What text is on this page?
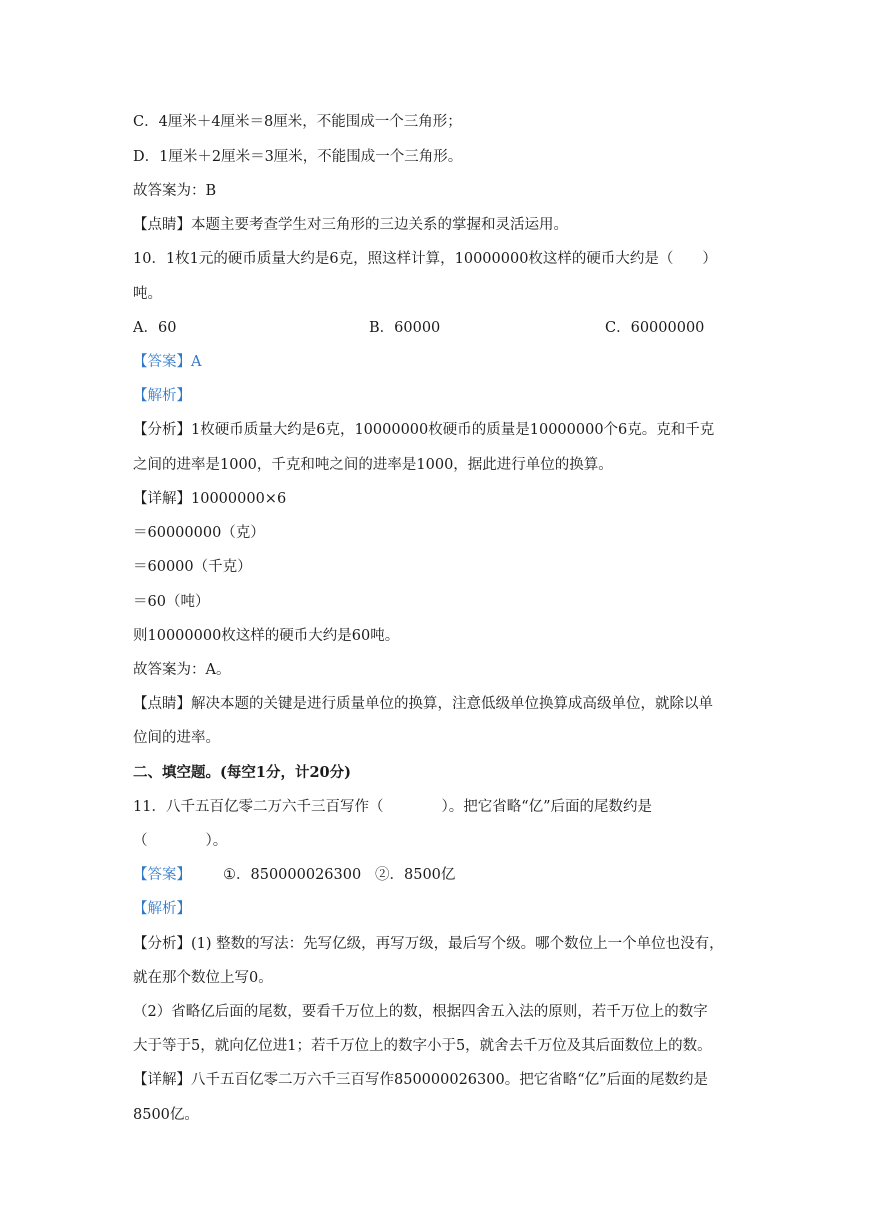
C．4厘米＋4厘米＝8厘米，不能围成一个三角形；
D．1厘米＋2厘米＝3厘米，不能围成一个三角形。
故答案为：B
【点睛】本题主要考查学生对三角形的三边关系的掌握和灵活运用。
10．1枚1元的硬币质量大约是6克，照这样计算，10000000枚这样的硬币大约是（　　）
吨。
A．60	B．60000	C．60000000
【答案】A
【解析】
【分析】1枚硬币质量大约是6克，10000000枚硬币的质量是10000000个6克。克和千克
之间的进率是1000，千克和吨之间的进率是1000，据此进行单位的换算。
【详解】10000000×6
＝60000000（克）
＝60000（千克）
＝60（吨）
则10000000枚这样的硬币大约是60吨。
故答案为：A。
【点睛】解决本题的关键是进行质量单位的换算，注意低级单位换算成高级单位，就除以单
位间的进率。
二、填空题。(每空1分，计20分)
11．八千五百亿零二万六千三百写作（　　　　）。把它省略“亿”后面的尾数约是
（　　　　）。
【答案】 ①．850000026300 ②．8500亿
【解析】
【分析】(1) 整数的写法：先写亿级，再写万级，最后写个级。哪个数位上一个单位也没有，
就在那个数位上写0。
（2）省略亿后面的尾数，要看千万位上的数，根据四舍五入法的原则，若千万位上的数字
大于等于5，就向亿位进1；若千万位上的数字小于5，就舍去千万位及其后面数位上的数。
【详解】八千五百亿零二万六千三百写作850000026300。把它省略“亿”后面的尾数约是
8500亿。
